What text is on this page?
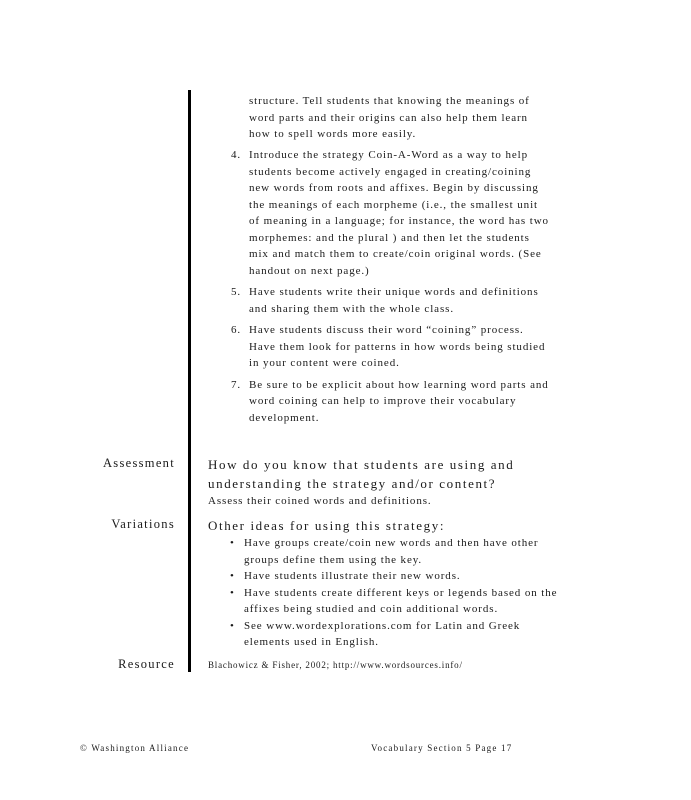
structure. Tell students that knowing the meanings of word parts and their origins can also help them learn how to spell words more easily.
4. Introduce the strategy Coin-A-Word as a way to help students become actively engaged in creating/coining new words from roots and affixes. Begin by discussing the meanings of each morpheme (i.e., the smallest unit of meaning in a language; for instance, the word has two morphemes: and the plural ) and then let the students mix and match them to create/coin original words. (See handout on next page.)
5. Have students write their unique words and definitions and sharing them with the whole class.
6. Have students discuss their word “coining” process. Have them look for patterns in how words being studied in your content were coined.
7. Be sure to be explicit about how learning word parts and word coining can help to improve their vocabulary development.
Assessment	How do you know that students are using and understanding the strategy and/or content?
Assess their coined words and definitions.
Variations	Other ideas for using this strategy:
• Have groups create/coin new words and then have other groups define them using the key.
• Have students illustrate their new words.
• Have students create different keys or legends based on the affixes being studied and coin additional words.
• See www.wordexplorations.com for Latin and Greek elements used in English.
Resource	Blachowicz & Fisher, 2002; http://www.wordsources.info/
© Washington Alliance	Vocabulary Section 5 Page 17
